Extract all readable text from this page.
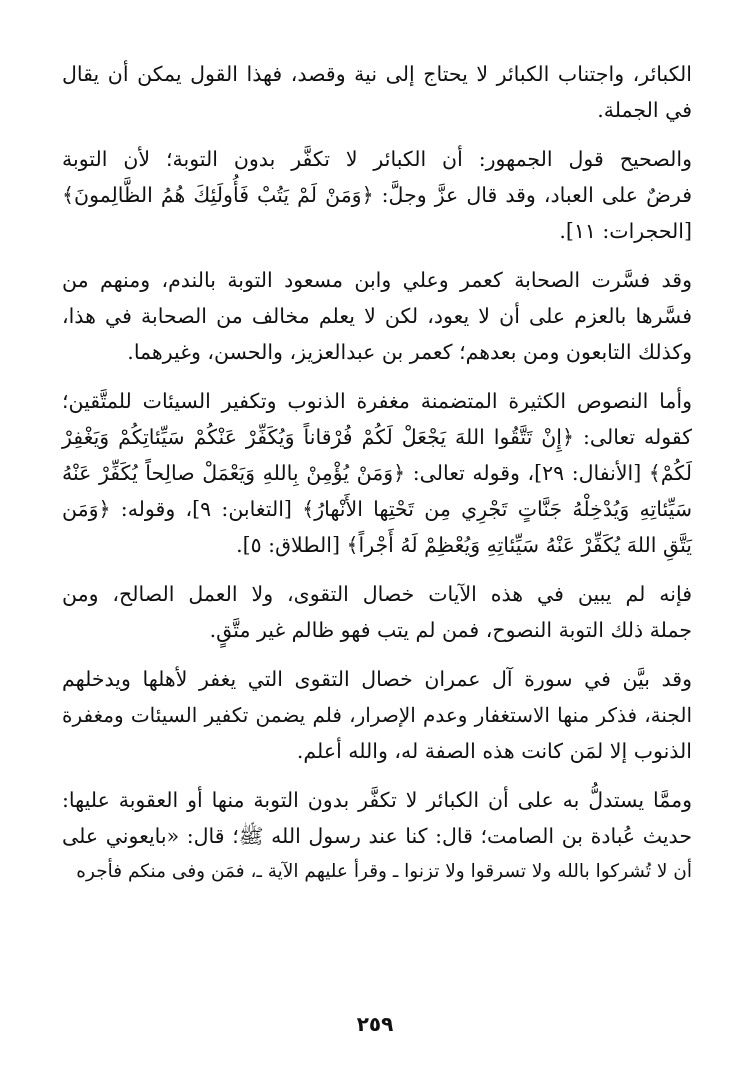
الكبائر، واجتناب الكبائر لا يحتاج إلى نية وقصد، فهذا القول يمكن أن يقال
في الجملة.
والصحيح قول الجمهور: أن الكبائر لا تكفَّر بدون التوبة؛ لأن التوبة
فرضٌ على العباد، وقد قال عزَّ وجلَّ: ﴿وَمَنْ لَمْ يَتُبْ فَأُولَئِكَ هُمُ الظَّالِمونَ﴾
[الحجرات: ١١].
وقد فسَّرت الصحابة كعمر وعلي وابن مسعود التوبة بالندم، ومنهم من
فسَّرها بالعزم على أن لا يعود، لكن لا يعلم مخالف من الصحابة في هذا،
وكذلك التابعون ومن بعدهم؛ كعمر بن عبدالعزيز، والحسن، وغيرهما.
وأما النصوص الكثيرة المتضمنة مغفرة الذنوب وتكفير السيئات للمتَّقين؛
كقوله تعالى: ﴿إِنْ تَتَّقُوا اللهَ يَجْعَلْ لَكُمْ فُرْقاناً وَيُكَفِّرْ عَنْكُمْ سَيِّئاتِكُمْ وَيَغْفِرْ
لَكُمْ﴾ [الأنفال: ٢٩]، وقوله تعالى: ﴿وَمَنْ يُؤْمِنْ بِاللهِ وَيَعْمَلْ صالِحاً يُكَفِّرْ عَنْهُ
سَيِّئاتِهِ وَيُدْخِلْهُ جَنَّاتٍ تَجْرِي مِن تَحْتِها الأَنْهارُ﴾ [التغابن: ٩]، وقوله: ﴿وَمَن
يَتَّقِ اللهَ يُكَفِّرْ عَنْهُ سَيِّئاتِهِ وَيُعْظِمْ لَهُ أَجْراً﴾ [الطلاق: ٥].
فإنه لم يبين في هذه الآيات خصال التقوى، ولا العمل الصالح، ومن
جملة ذلك التوبة النصوح، فمن لم يتب فهو ظالم غير متَّقٍ.
وقد بيَّن في سورة آل عمران خصال التقوى التي يغفر لأهلها ويدخلهم
الجنة، فذكر منها الاستغفار وعدم الإصرار، فلم يضمن تكفير السيئات ومغفرة
الذنوب إلا لمَن كانت هذه الصفة له، والله أعلم.
وممَّا يستدلُّ به على أن الكبائر لا تكفَّر بدون التوبة منها أو العقوبة عليها:
حديث عُبادة بن الصامت؛ قال: كنا عند رسول الله ﷺ؛ قال: «بايعوني على
أن لا تُشركوا بالله ولا تسرقوا ولا تزنوا ـ وقرأ عليهم الآية ـ، فمَن وفى منكم فأجره
٢٥٩
